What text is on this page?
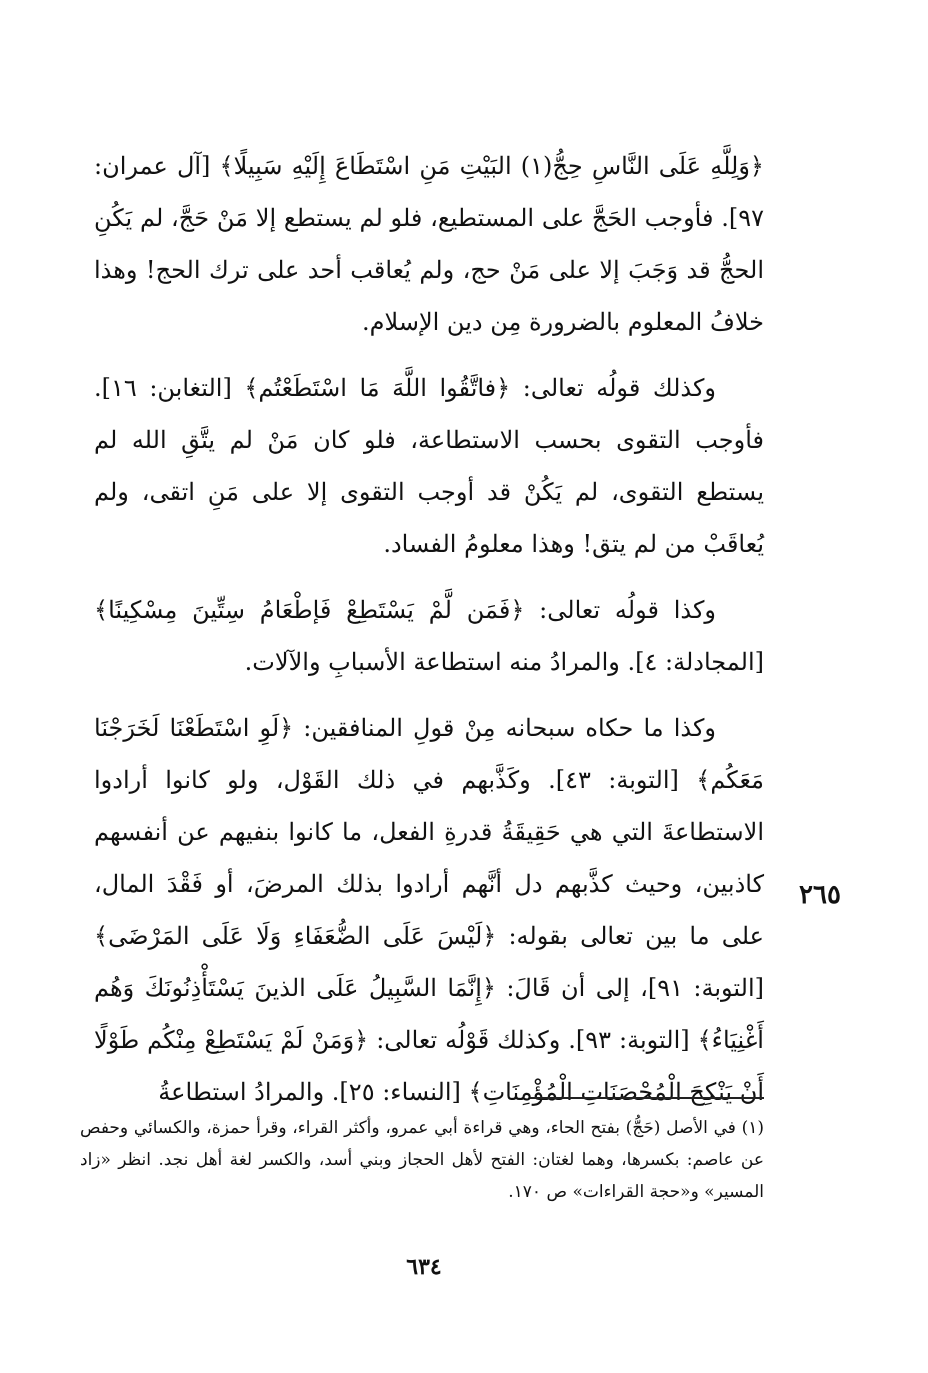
﴿وَلِلَّهِ عَلَى النَّاسِ حِجُّ(١) البَيْتِ مَنِ اسْتَطَاعَ إِلَيْهِ سَبِيلًا﴾ [آل عمران: ٩٧]. فأوجب الحَجَّ على المستطيع، فلو لم يستطع إلا مَنْ حَجَّ، لم يَكُنِ الحجُّ قد وَجَبَ إلا على مَنْ حج، ولم يُعاقب أحد على ترك الحج! وهذا خلافُ المعلوم بالضرورة مِن دين الإسلام.

وكذلك قولُه تعالى: ﴿فاتَّقُوا اللَّهَ مَا اسْتَطَعْتُم﴾ [التغابن: ١٦]. فأوجب التقوى بحسب الاستطاعة، فلو كان مَنْ لم يتَّقِ الله لم يستطع التقوى، لم يَكُنْ قد أوجب التقوى إلا على مَنِ اتقى، ولم يُعاقَبْ من لم يتق! وهذا معلومُ الفساد.

وكذا قولُه تعالى: ﴿فَمَن لَّمْ يَسْتَطِعْ فَإطْعَامُ سِتِّينَ مِسْكِينًا﴾ [المجادلة: ٤]. والمرادُ منه استطاعة الأسبابِ والآلات.

وكذا ما حكاه سبحانه مِنْ قولِ المنافقين: ﴿لَوِ اسْتَطَعْنَا لَخَرَجْنَا مَعَكُم﴾ [التوبة: ٤٣]. وكَذَّبهم في ذلك القَوْل، ولو كانوا أرادوا الاستطاعةَ التي هي حَقِيقَةُ قدرةِ الفعل، ما كانوا بنفيهم عن أنفسهم كاذبين، وحيث كذَّبهم دل أنَّهم أرادوا بذلك المرضَ، أو فَقْدَ المال، على ما بين تعالى بقوله: ﴿لَيْسَ عَلَى الضُّعَفَاءِ وَلَا عَلَى المَرْضَى﴾ [التوبة: ٩١]، إلى أن قَالَ: ﴿إِنَّمَا السَّبِيلُ عَلَى الذينَ يَسْتَأْذِنُونَكَ وَهُم أَغْنِيَاءُ﴾ [التوبة: ٩٣]. وكذلك قَوْلُه تعالى: ﴿وَمَنْ لَمْ يَسْتَطِعْ مِنْكُم طَوْلًا أَنْ يَنْكِحَ الْمُحْصَنَاتِ الْمُؤْمِنَاتِ﴾ [النساء: ٢٥]. والمرادُ استطاعةُ

٢٦٥
(١) في الأصل (حَجُّ) بفتح الحاء، وهي قراءة أبي عمرو، وأكثر القراء، وقرأ حمزة، والكسائي وحفص عن عاصم: بكسرها، وهما لغتان: الفتح لأهل الحجاز وبني أسد، والكسر لغة أهل نجد. انظر «زاد المسير» و«حجة القراءات» ص ١٧٠.
٦٣٤
